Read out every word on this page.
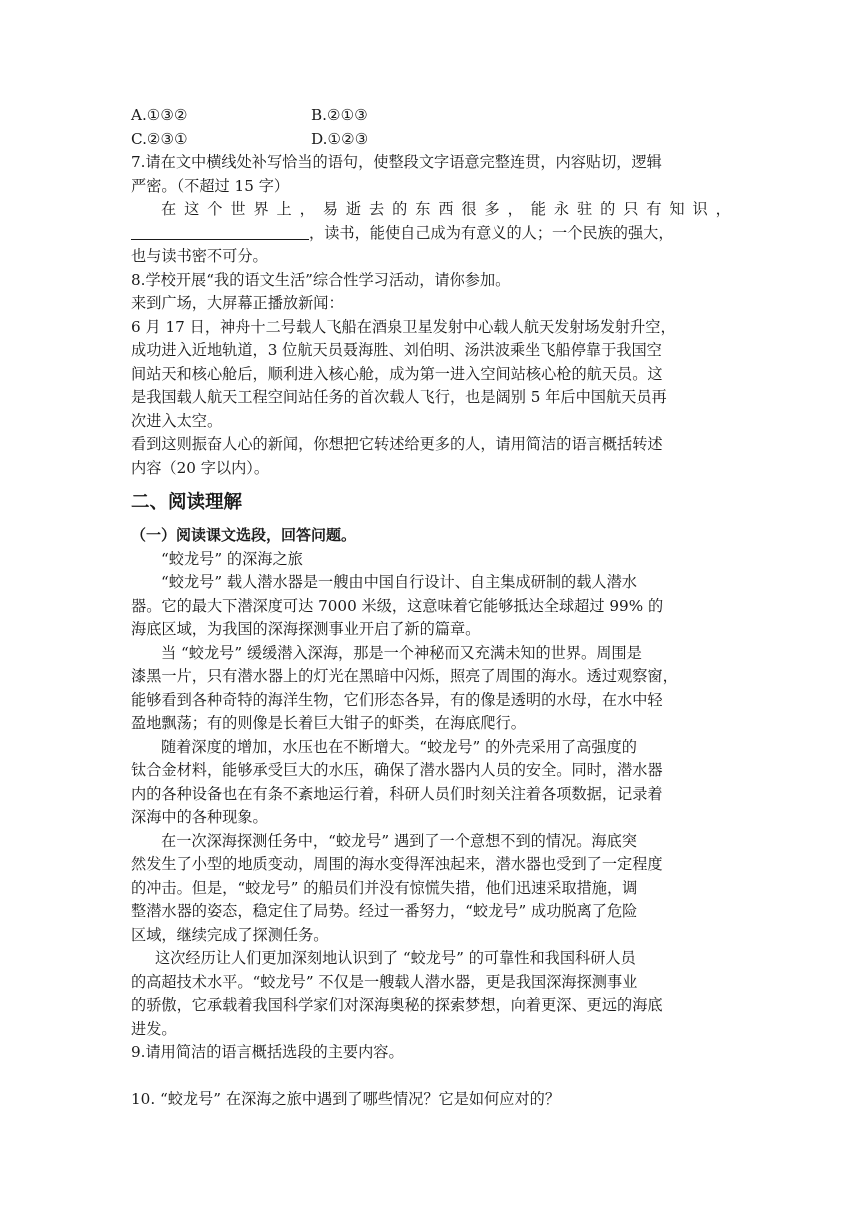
A.①③②	B.②①③
C.②③①	D.①②③

7.请在文中横线处补写恰当的语句，使整段文字语意完整连贯，内容贴切，逻辑

严密。（不超过 15 字）

在 这 个 世 界 上 ， 易 逝 去 的 东 西 很 多 ， 能 永 驻 的 只 有 知 识 ，

，读书，能使自己成为有意义的人；一个民族的强大，

也与读书密不可分。

8.学校开展“我的语文生活”综合性学习活动，请你参加。

来到广场，大屏幕正播放新闻：

6 月 17 日，神舟十二号载人飞船在酒泉卫星发射中心载人航天发射场发射升空，

成功进入近地轨道，3 位航天员聂海胜、刘伯明、汤洪波乘坐飞船停靠于我国空

间站天和核心舱后，顺利进入核心舱，成为第一进入空间站核心枪的航天员。这

是我国载人航天工程空间站任务的首次载人飞行，也是阔别 5 年后中国航天员再

次进入太空。

看到这则振奋人心的新闻，你想把它转述给更多的人，请用简洁的语言概括转述

内容（20 字以内）。

二、阅读理解

（一）阅读课文选段，回答问题。

“蛟龙号” 的深海之旅

“蛟龙号” 载人潜水器是一艘由中国自行设计、自主集成研制的载人潜水

器。它的最大下潜深度可达 7000 米级，这意味着它能够抵达全球超过 99% 的

海底区域，为我国的深海探测事业开启了新的篇章。

当 “蛟龙号” 缓缓潜入深海，那是一个神秘而又充满未知的世界。周围是

漆黑一片，只有潜水器上的灯光在黑暗中闪烁，照亮了周围的海水。透过观察窗，

能够看到各种奇特的海洋生物，它们形态各异，有的像是透明的水母，在水中轻

盈地飘荡；有的则像是长着巨大钳子的虾类，在海底爬行。

随着深度的增加，水压也在不断增大。“蛟龙号” 的外壳采用了高强度的

钛合金材料，能够承受巨大的水压，确保了潜水器内人员的安全。同时，潜水器

内的各种设备也在有条不紊地运行着，科研人员们时刻关注着各项数据，记录着

深海中的各种现象。

在一次深海探测任务中，“蛟龙号” 遇到了一个意想不到的情况。海底突

然发生了小型的地质变动，周围的海水变得浑浊起来，潜水器也受到了一定程度

的冲击。但是，“蛟龙号” 的船员们并没有惊慌失措，他们迅速采取措施，调

整潜水器的姿态，稳定住了局势。经过一番努力，“蛟龙号” 成功脱离了危险

区域，继续完成了探测任务。

这次经历让人们更加深刻地认识到了 “蛟龙号” 的可靠性和我国科研人员

的高超技术水平。“蛟龙号” 不仅是一艘载人潜水器，更是我国深海探测事业

的骄傲，它承载着我国科学家们对深海奥秘的探索梦想，向着更深、更远的海底

进发。

9.请用简洁的语言概括选段的主要内容。

10. “蛟龙号” 在深海之旅中遇到了哪些情况？它是如何应对的？
